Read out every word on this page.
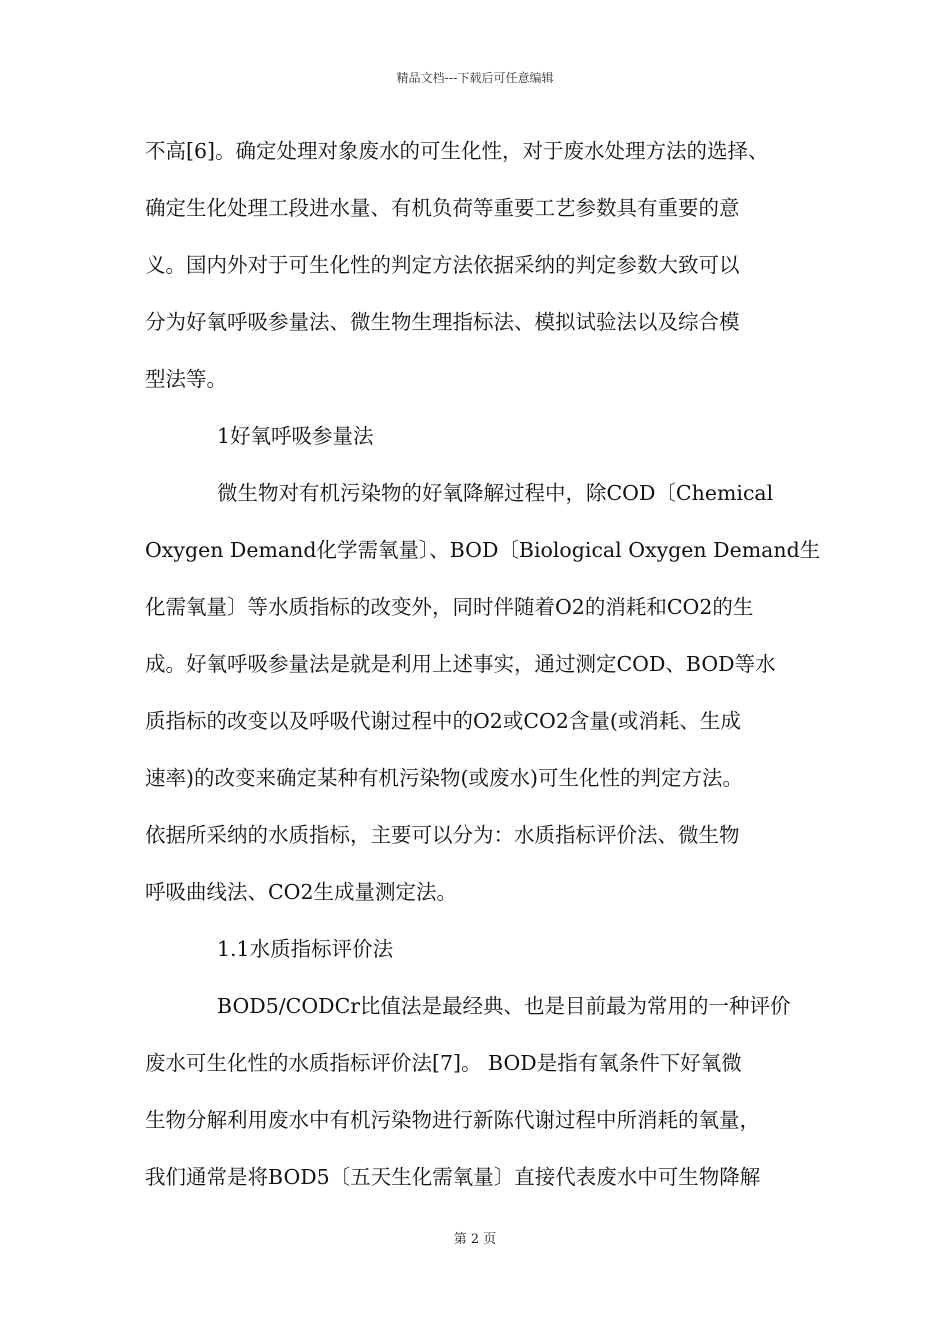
精品文档---下载后可任意编辑
不高[6]。确定处理对象废水的可生化性，对于废水处理方法的选择、
确定生化处理工段进水量、有机负荷等重要工艺参数具有重要的意
义。国内外对于可生化性的判定方法依据采纳的判定参数大致可以
分为好氧呼吸参量法、微生物生理指标法、模拟试验法以及综合模
型法等。
1好氧呼吸参量法
微生物对有机污染物的好氧降解过程中，除COD〔Chemical
Oxygen Demand化学需氧量〕、BOD〔Biological Oxygen Demand生
化需氧量〕等水质指标的改变外，同时伴随着O2的消耗和CO2的生
成。好氧呼吸参量法是就是利用上述事实，通过测定COD、BOD等水
质指标的改变以及呼吸代谢过程中的O2或CO2含量(或消耗、生成
速率)的改变来确定某种有机污染物(或废水)可生化性的判定方法。
依据所采纳的水质指标，主要可以分为：水质指标评价法、微生物
呼吸曲线法、CO2生成量测定法。
1.1水质指标评价法
BOD5/CODCr比值法是最经典、也是目前最为常用的一种评价
废水可生化性的水质指标评价法[7]。 BOD是指有氧条件下好氧微
生物分解利用废水中有机污染物进行新陈代谢过程中所消耗的氧量，
我们通常是将BOD5〔五天生化需氧量〕直接代表废水中可生物降解
第 2 页
